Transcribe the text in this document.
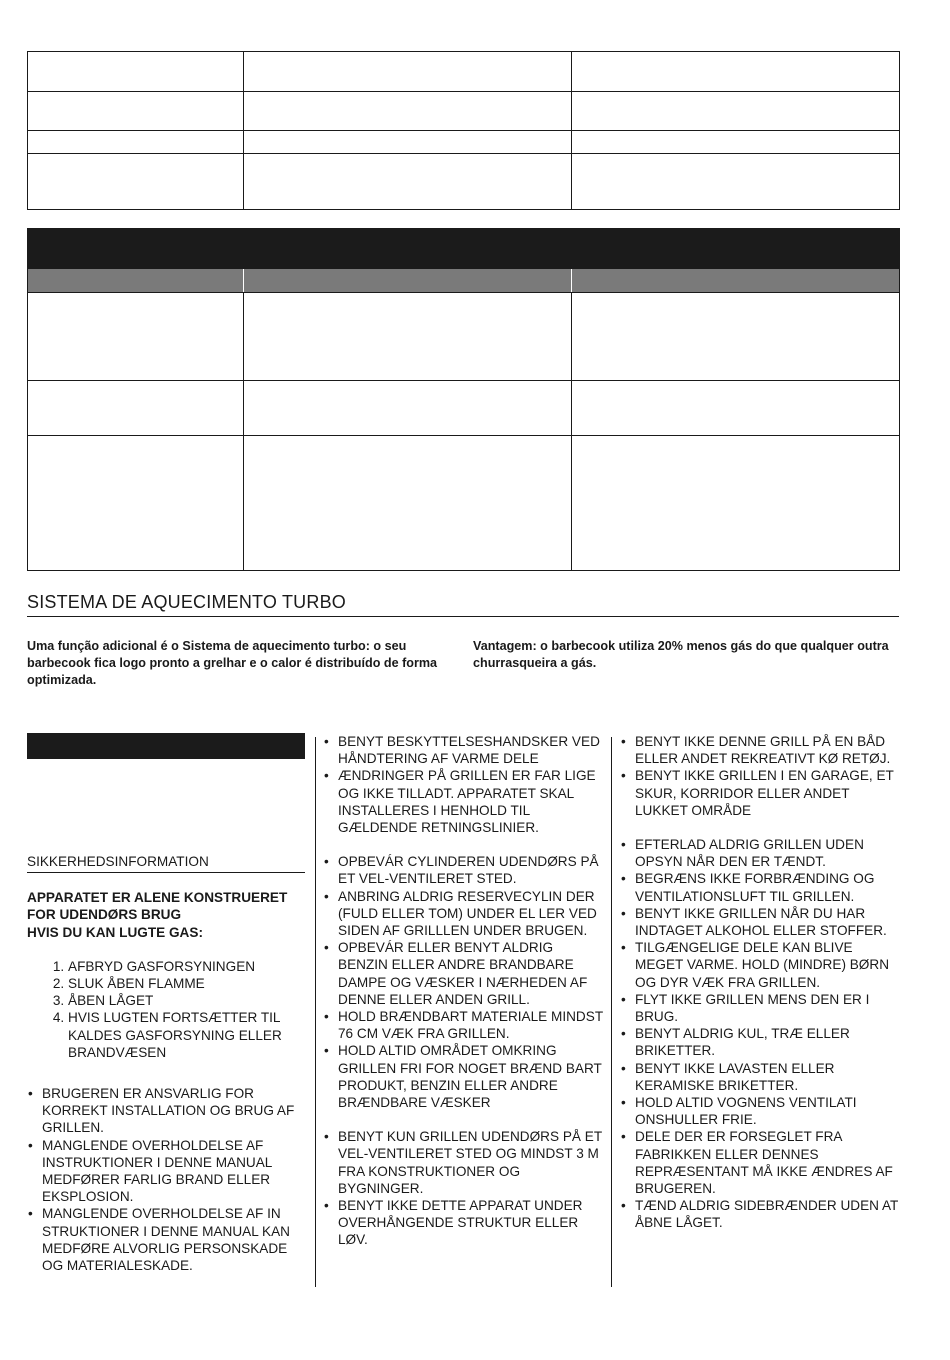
SISTEMA DE AQUECIMENTO TURBO
Uma função adicional é o Sistema de aquecimento turbo: o seu barbecook fica logo pronto a grelhar e o calor é distribuído de forma optimizada.
Vantagem: o barbecook utiliza 20% menos gás do que qualquer outra churrasqueira a gás.
SIKKERHEDSINFORMATION
APPARATET ER ALENE KONSTRUERET
FOR UDENDØRS BRUG
HVIS DU KAN LUGTE GAS:
1. AFBRYD GASFORSYNINGEN
2. SLUK ÅBEN FLAMME
3. ÅBEN LÅGET
4. HVIS LUGTEN FORTSÆTTER TIL KALDES GASFORSYNING ELLER BRANDVÆSEN
• BRUGEREN ER ANSVARLIG FOR KORREKT INSTALLATION OG BRUG AF GRILLEN.
• MANGLENDE OVERHOLDELSE AF INSTRUKTIONER I DENNE MANUAL MEDFØRER FARLIG BRAND ELLER EKSPLOSION.
• MANGLENDE OVERHOLDELSE AF IN STRUKTIONER I DENNE MANUAL KAN MEDFØRE ALVORLIG PERSONSKADE OG MATERIALESKADE.
• BENYT BESKYTTELSESHANDSKER VED HÅNDTERING AF VARME DELE
• ÆNDRINGER PÅ GRILLEN ER FAR LIGE OG IKKE TILLADT. APPARATET SKAL INSTALLERES I HENHOLD TIL GÆLDENDE RETNINGSLINIER.
• OPBEVÁR CYLINDEREN UDENDØRS PÅ ET VEL-VENTILERET STED.
• ANBRING ALDRIG RESERVECYLIN DER (FULD ELLER TOM) UNDER EL LER VED SIDEN AF GRILLLEN UNDER BRUGEN.
• OPBEVÁR ELLER BENYT ALDRIG BENZIN ELLER ANDRE BRANDBARE DAMPE OG VÆSKER I NÆRHEDEN AF DENNE ELLER ANDEN GRILL.
• HOLD BRÆNDBART MATERIALE MINDST 76 CM VÆK FRA GRILLEN.
• HOLD ALTID OMRÅDET OMKRING GRILLEN FRI FOR NOGET BRÆND BART PRODUKT, BENZIN ELLER ANDRE BRÆNDBARE VÆSKER
• BENYT KUN GRILLEN UDENDØRS PÅ ET VEL-VENTILERET STED OG MINDST 3 M FRA KONSTRUKTIONER OG BYGNINGER.
• BENYT IKKE DETTE APPARAT UNDER OVERHÅNGENDE STRUKTUR ELLER LØV.
• BENYT IKKE DENNE GRILL PÅ EN BÅD ELLER ANDET REKREATIVT KØ RETØJ.
• BENYT IKKE GRILLEN I EN GARAGE, ET SKUR, KORRIDOR ELLER ANDET LUKKET OMRÅDE
• EFTERLAD ALDRIG GRILLEN UDEN OPSYN NÅR DEN ER TÆNDT.
• BEGRÆNS IKKE FORBRÆNDING OG VENTILATIONSLUFT TIL GRILLEN.
• BENYT IKKE GRILLEN NÅR DU HAR INDTAGET ALKOHOL ELLER STOFFER.
• TILGÆNGELIGE DELE KAN BLIVE MEGET VARME. HOLD (MINDRE) BØRN OG DYR VÆK FRA GRILLEN.
• FLYT IKKE GRILLEN MENS DEN ER I BRUG.
• BENYT ALDRIG KUL, TRÆ ELLER BRIKETTER.
• BENYT IKKE LAVASTEN ELLER KERAMISKE BRIKETTER.
• HOLD ALTID VOGNENS VENTILATI ONSHULLER FRIE.
• DELE DER ER FORSEGLET FRA FABRIKKEN ELLER DENNES REPRÆSENTANT MÅ IKKE ÆNDRES AF BRUGEREN.
• TÆND ALDRIG SIDEBRÆNDER UDEN AT ÅBNE LÅGET.
